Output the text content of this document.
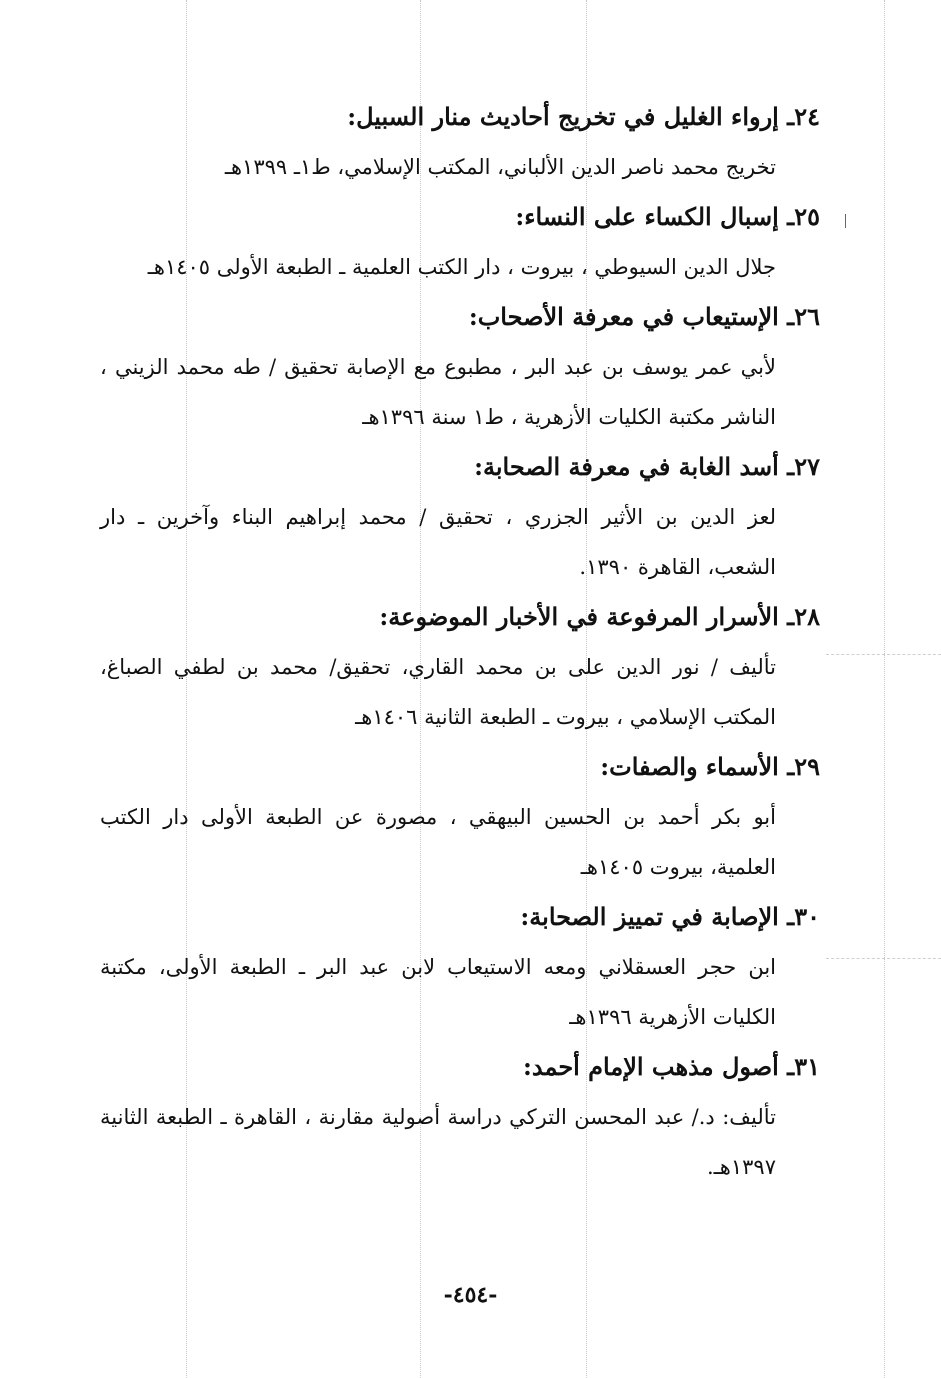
٢٤ـ إرواء الغليل في تخريج أحاديث منار السبيل:
تخريج محمد ناصر الدين الألباني، المكتب الإسلامي، ط١ـ ١٣٩٩هـ
٢٥ـ إسبال الكساء على النساء:
جلال الدين السيوطي ، بيروت ، دار الكتب العلمية ـ الطبعة الأولى ١٤٠٥هـ
٢٦ـ الإستيعاب في معرفة الأصحاب:
لأبي عمر يوسف بن عبد البر ، مطبوع مع الإصابة تحقيق / طه محمد الزيني ،
الناشر مكتبة الكليات الأزهرية ، ط١ سنة ١٣٩٦هـ
٢٧ـ أسد الغابة في معرفة الصحابة:
لعز الدين بن الأثير الجزري ، تحقيق / محمد إبراهيم البناء وآخرين ـ دار
الشعب، القاهرة ١٣٩٠.
٢٨ـ الأسرار المرفوعة في الأخبار الموضوعة:
تأليف / نور الدين على بن محمد القاري، تحقيق/ محمد بن لطفي الصباغ،
المكتب الإسلامي ، بيروت ـ الطبعة الثانية ١٤٠٦هـ
٢٩ـ الأسماء والصفات:
أبو بكر أحمد بن الحسين البيهقي ، مصورة عن الطبعة الأولى دار الكتب
العلمية، بيروت ١٤٠٥هـ
٣٠ـ الإصابة في تمييز الصحابة:
ابن حجر العسقلاني ومعه الاستيعاب لابن عبد البر ـ الطبعة الأولى، مكتبة
الكليات الأزهرية ١٣٩٦هـ
٣١ـ أصول مذهب الإمام أحمد:
تأليف: د./ عبد المحسن التركي دراسة أصولية مقارنة ، القاهرة ـ الطبعة الثانية
١٣٩٧هـ.
-٤٥٤-
